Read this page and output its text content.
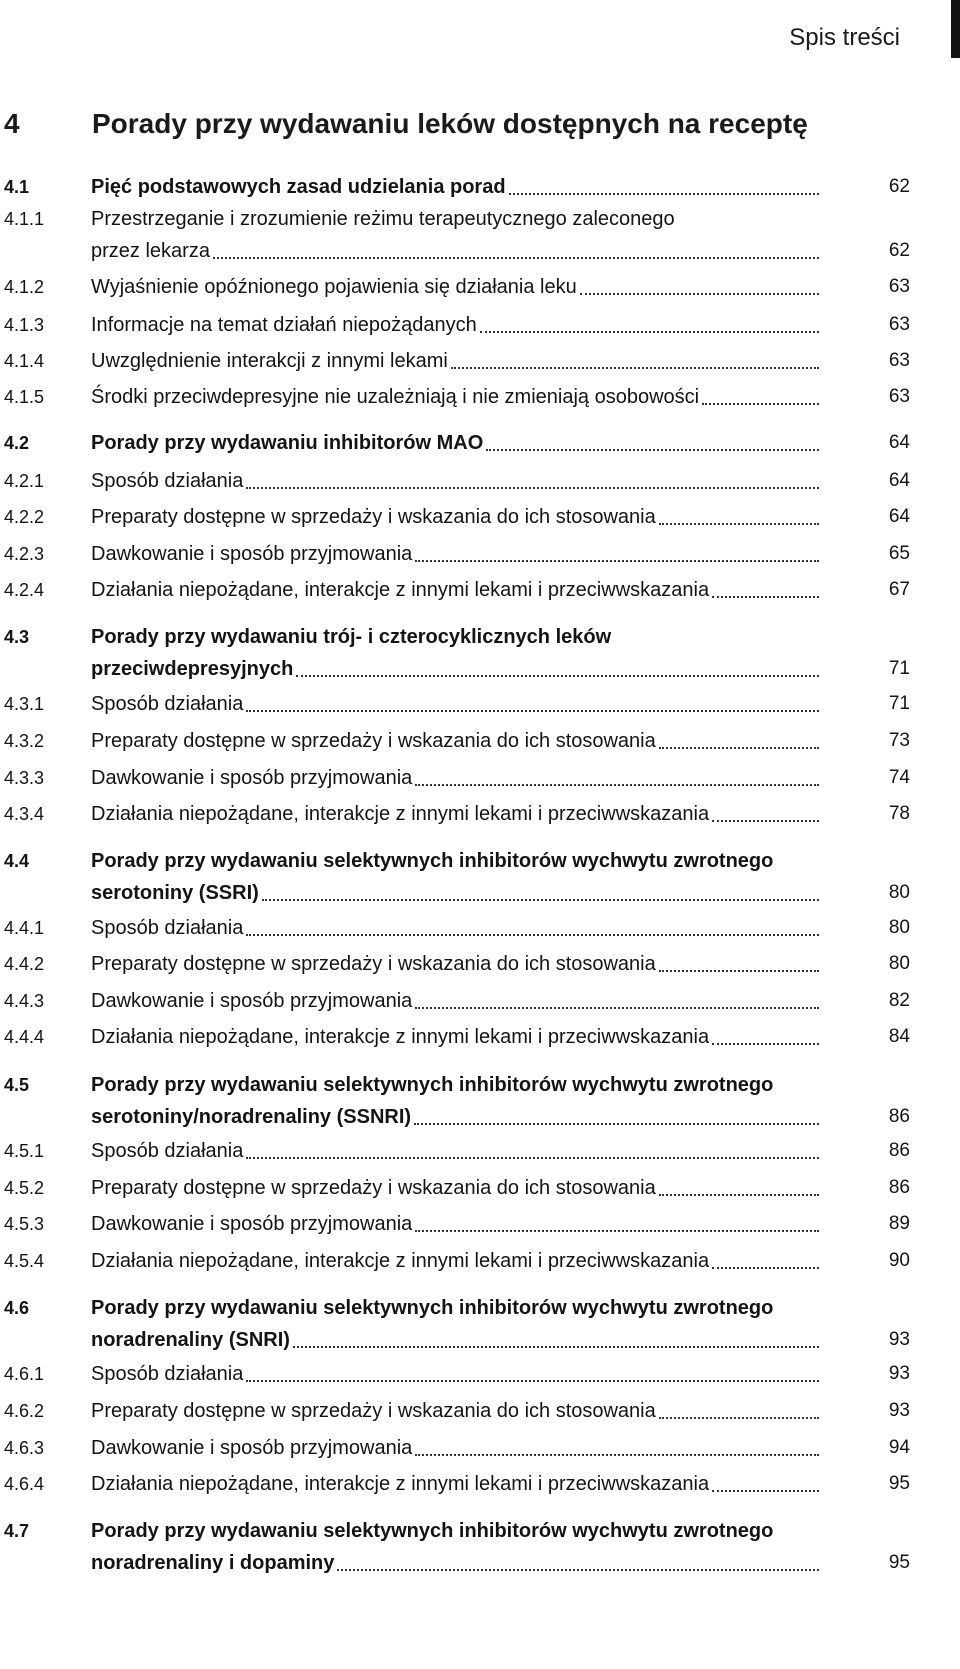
Spis treści
4	Porady przy wydawaniu leków dostępnych na receptę
4.1	Pięć podstawowych zasad udzielania porad	62
4.1.1 Przestrzeganie i zrozumienie reżimu terapeutycznego zaleconego
przez lekarza	62
4.1.2 Wyjaśnienie opóźnionego pojawienia się działania leku	63
4.1.3 Informacje na temat działań niepożądanych	63
4.1.4 Uwzględnienie interakcji z innymi lekami	63
4.1.5 Środki przeciwdepresyjne nie uzależniają i nie zmieniają osobowości	63
4.2	Porady przy wydawaniu inhibitorów MAO	64
4.2.1 Sposób działania	64
4.2.2 Preparaty dostępne w sprzedaży i wskazania do ich stosowania	64
4.2.3 Dawkowanie i sposób przyjmowania	65
4.2.4 Działania niepożądane, interakcje z innymi lekami i przeciwwskazania	67
4.3	Porady przy wydawaniu trój- i czterocyklicznych leków
przeciwdepresyjnych	71
4.3.1 Sposób działania	71
4.3.2 Preparaty dostępne w sprzedaży i wskazania do ich stosowania	73
4.3.3 Dawkowanie i sposób przyjmowania	74
4.3.4 Działania niepożądane, interakcje z innymi lekami i przeciwwskazania	78
4.4	Porady przy wydawaniu selektywnych inhibitorów wychwytu zwrotnego
serotoniny (SSRI)	80
4.4.1 Sposób działania	80
4.4.2 Preparaty dostępne w sprzedaży i wskazania do ich stosowania	80
4.4.3 Dawkowanie i sposób przyjmowania	82
4.4.4 Działania niepożądane, interakcje z innymi lekami i przeciwwskazania	84
4.5	Porady przy wydawaniu selektywnych inhibitorów wychwytu zwrotnego
serotoniny/noradrenaliny (SSNRI)	86
4.5.1 Sposób działania	86
4.5.2 Preparaty dostępne w sprzedaży i wskazania do ich stosowania	86
4.5.3 Dawkowanie i sposób przyjmowania	89
4.5.4 Działania niepożądane, interakcje z innymi lekami i przeciwwskazania	90
4.6	Porady przy wydawaniu selektywnych inhibitorów wychwytu zwrotnego
noradrenaliny (SNRI)	93
4.6.1 Sposób działania	93
4.6.2 Preparaty dostępne w sprzedaży i wskazania do ich stosowania	93
4.6.3 Dawkowanie i sposób przyjmowania	94
4.6.4 Działania niepożądane, interakcje z innymi lekami i przeciwwskazania	95
4.7	Porady przy wydawaniu selektywnych inhibitorów wychwytu zwrotnego
noradrenaliny i dopaminy	95
